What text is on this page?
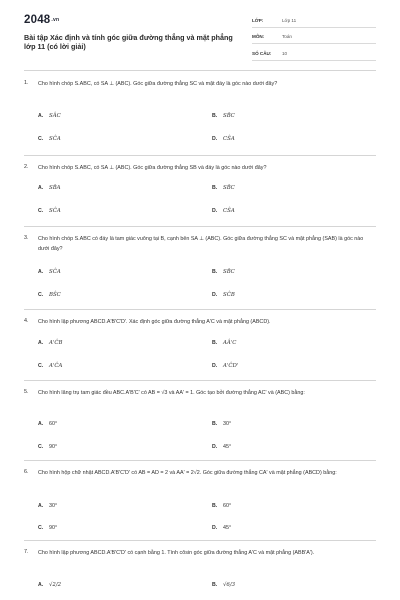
2048.vn
Bài tập Xác định và tính góc giữa đường thẳng và mặt phẳng lớp 11 (có lời giải)
LỚP:	Lớp 11
MÔN:	Toán
SỐ CÂU:	10
1. Cho hình chóp S.ABC, có SA ⊥ (ABC). Góc giữa đường thẳng SC và mặt đáy là góc nào dưới đây?
A. SÂC	B. SB̂C
C. SĈA	D. CŜA
2. Cho hình chóp S.ABC, có SA ⊥ (ABC). Góc giữa đường thẳng SB và đáy là góc nào dưới đây?
A. SB̂A	B. SB̂C
C. SĈA	D. CŜA
3. Cho hình chóp S.ABC có đáy là tam giác vuông tại B, cạnh bên SA ⊥ (ABC). Góc giữa đường thẳng SC và mặt phẳng (SAB) là góc nào dưới đây?
A. SĈA	B. SB̂C
C. BŜC	D. SĈB
4. Cho hình lập phương ABCD.A'B'C'D'. Xác định góc giữa đường thẳng A'C và mặt phẳng (ABCD).
A. A'ĈB	B. AÂ'C
C. A'ĈA	D. A'ĈD'
5. Cho hình lăng trụ tam giác đều ABC.A'B'C' có AB = √3 và AA' = 1. Góc tạo bởi đường thẳng AC' và (ABC) bằng:
A. 60°	B. 30°
C. 90°	D. 45°
6. Cho hình hộp chữ nhật ABCD.A'B'C'D' có AB = AD = 2 và AA' = 2√2. Góc giữa đường thẳng CA' và mặt phẳng (ABCD) bằng:
A. 30°	B. 60°
C. 90°	D. 45°
7. Cho hình lập phương ABCD.A'B'C'D' có cạnh bằng 1. Tính côsin góc giữa đường thẳng A'C và mặt phẳng (ABB'A').
A. √2/2	B. √6/3
